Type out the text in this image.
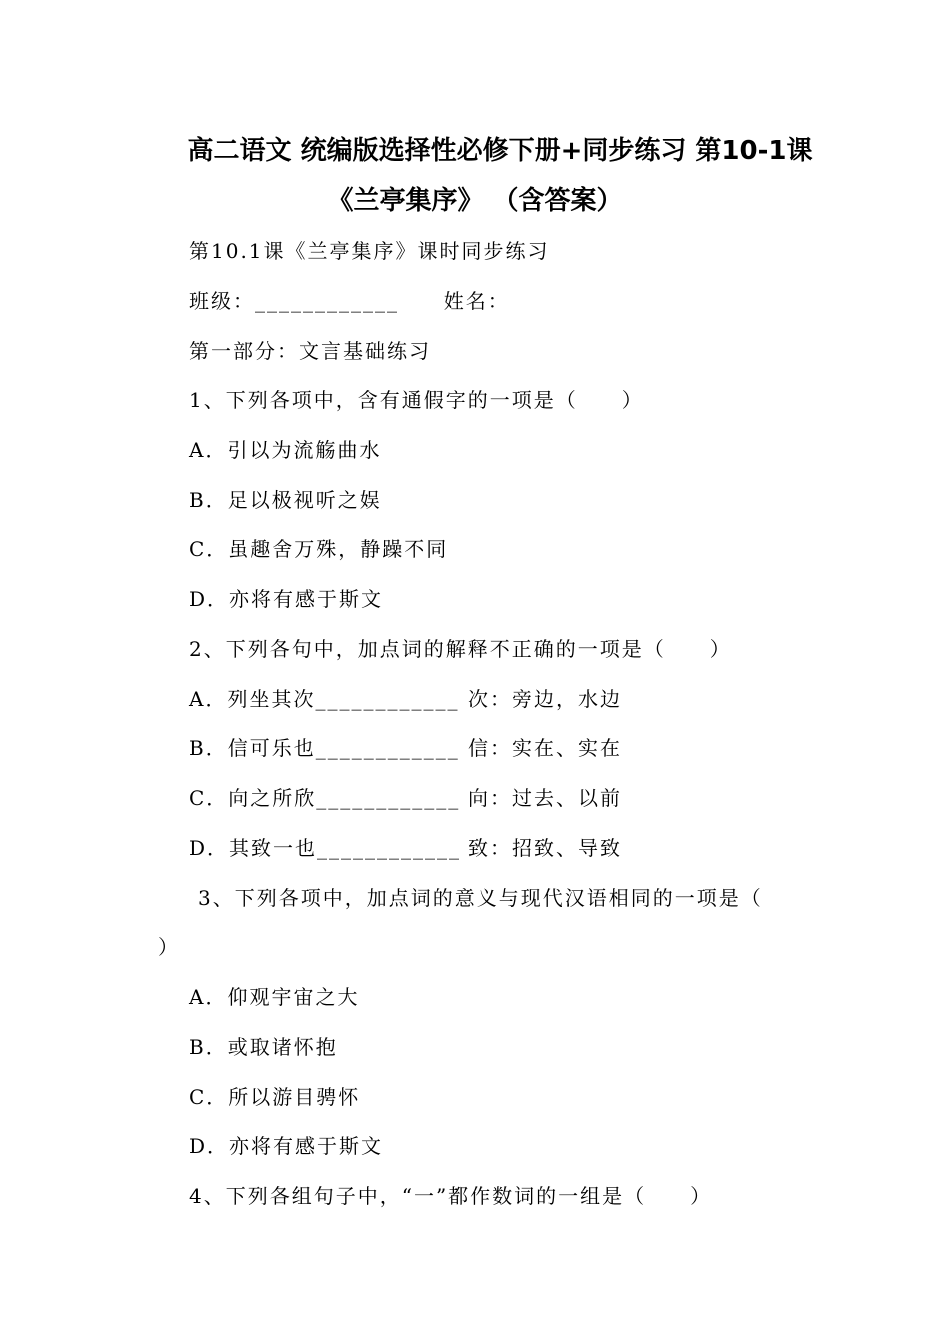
高二语文 统编版选择性必修下册+同步练习 第10-1课
《兰亭集序》 （含答案）
第10.1课《兰亭集序》课时同步练习
班级：____________ 姓名：
第一部分：文言基础练习
1、下列各项中，含有通假字的一项是（　　）
A．引以为流觞曲水
B．足以极视听之娱
C．虽趣舍万殊，静躁不同
D．亦将有感于斯文
2、下列各句中，加点词的解释不正确的一项是（　　）
A．列坐其次____________ 次：旁边，水边
B．信可乐也____________ 信：实在、实在
C．向之所欣____________ 向：过去、以前
D．其致一也____________ 致：招致、导致
3、下列各项中，加点词的意义与现代汉语相同的一项是（
）
A．仰观宇宙之大
B．或取诸怀抱
C．所以游目骋怀
D．亦将有感于斯文
4、下列各组句子中，“一”都作数词的一组是（　　）
